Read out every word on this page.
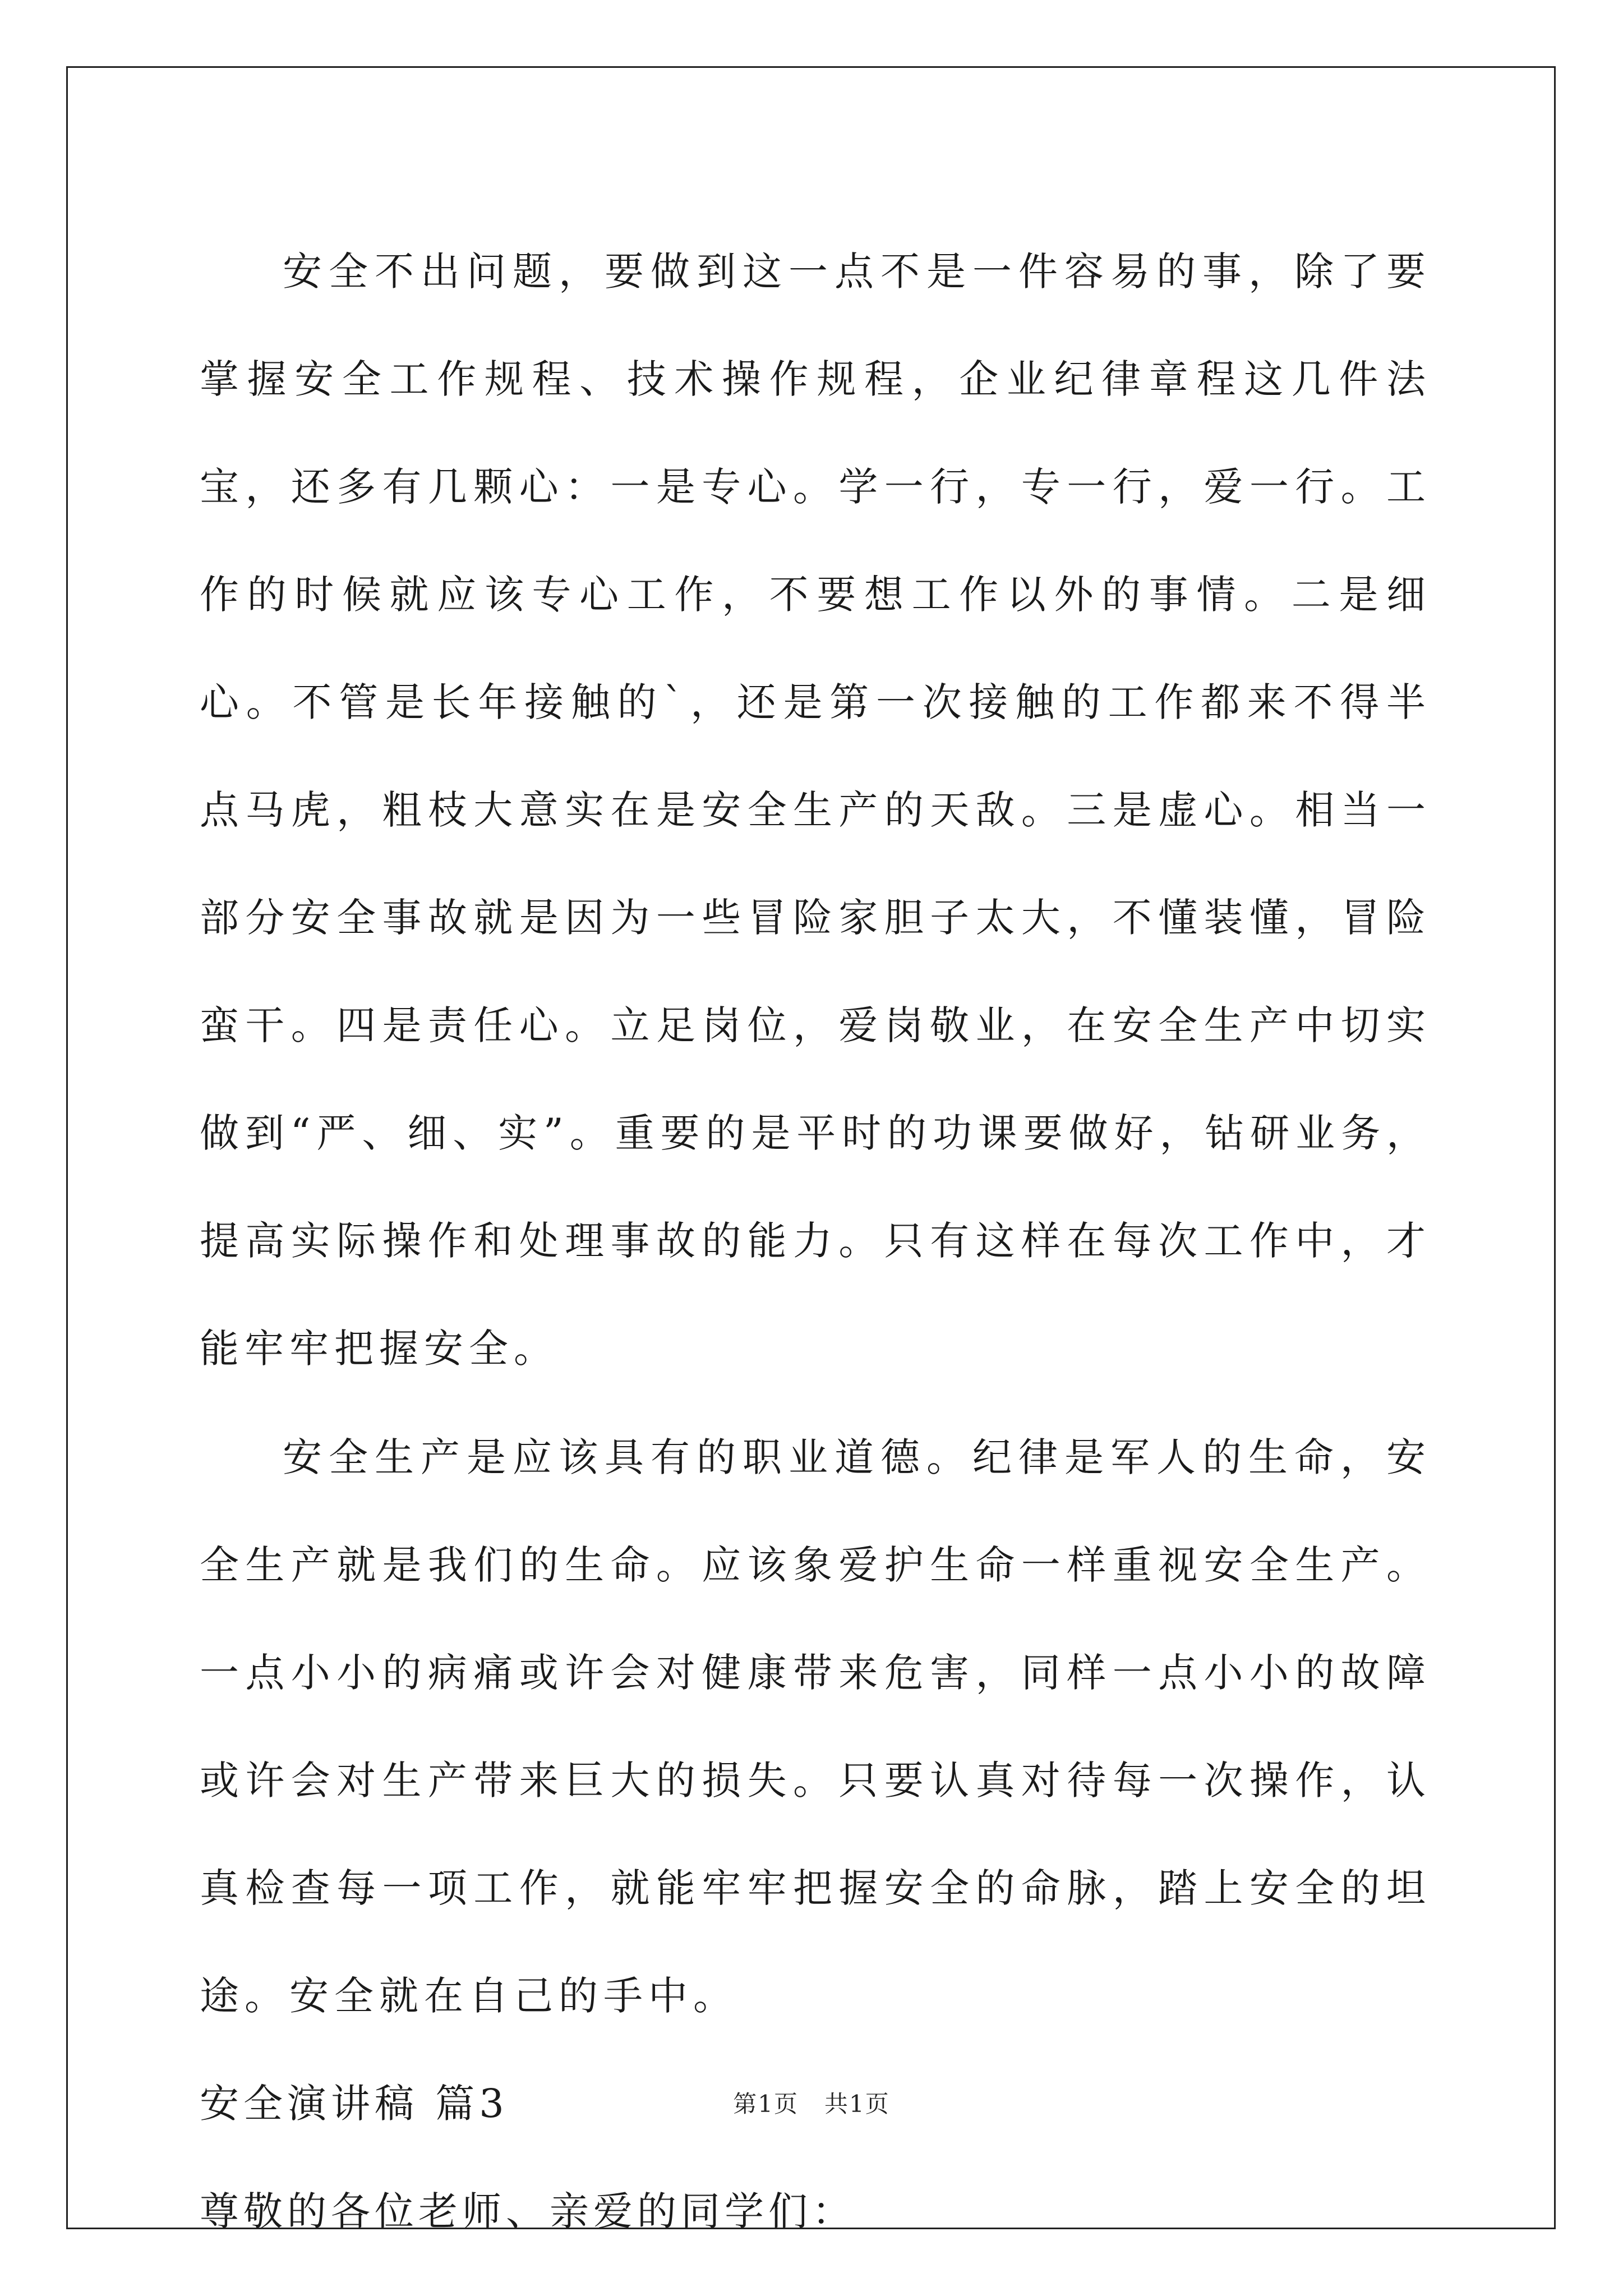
安全不出问题，要做到这一点不是一件容易的事，除了要掌握安全工作规程、技术操作规程，企业纪律章程这几件法宝，还多有几颗心：一是专心。学一行，专一行，爱一行。工作的时候就应该专心工作，不要想工作以外的事情。二是细心。不管是长年接触的`，还是第一次接触的工作都来不得半点马虎，粗枝大意实在是安全生产的天敌。三是虚心。相当一部分安全事故就是因为一些冒险家胆子太大，不懂装懂，冒险蛮干。四是责任心。立足岗位，爱岗敬业，在安全生产中切实做到“严、细、实”。重要的是平时的功课要做好，钻研业务，提高实际操作和处理事故的能力。只有这样在每次工作中，才能牢牢把握安全。

安全生产是应该具有的职业道德。纪律是军人的生命，安全生产就是我们的生命。应该象爱护生命一样重视安全生产。一点小小的病痛或许会对健康带来危害，同样一点小小的故障或许会对生产带来巨大的损失。只要认真对待每一次操作，认真检查每一项工作，就能牢牢把握安全的命脉，踏上安全的坦途。安全就在自己的手中。

安全演讲稿 篇3

尊敬的各位老师、亲爱的同学们：

第1页   共1页
